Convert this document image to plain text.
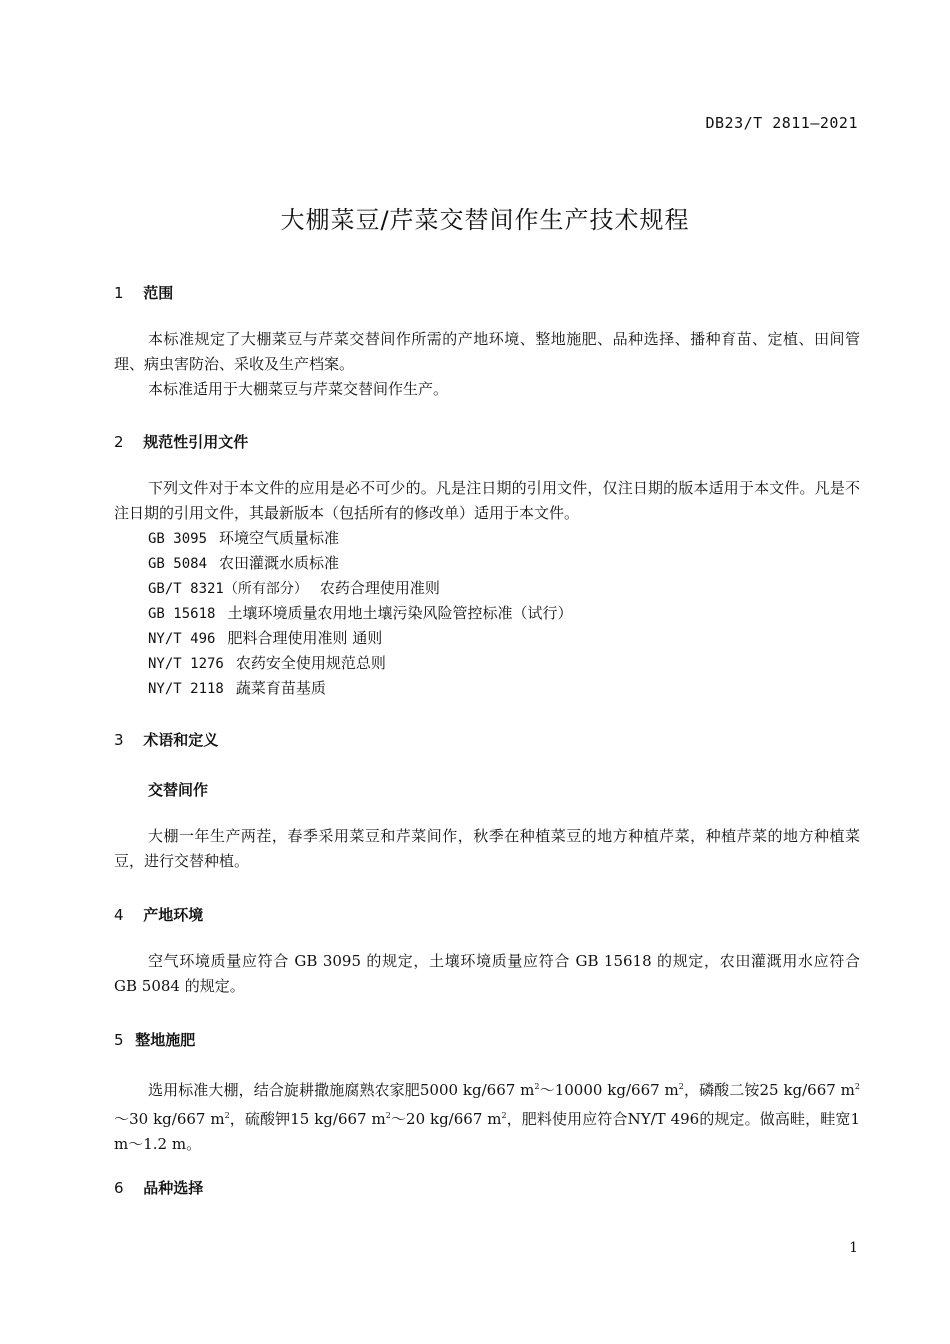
DB23/T 2811—2021
大棚菜豆/芹菜交替间作生产技术规程
1 范围
本标准规定了大棚菜豆与芹菜交替间作所需的产地环境、整地施肥、品种选择、播种育苗、定植、田间管理、病虫害防治、采收及生产档案。
本标准适用于大棚菜豆与芹菜交替间作生产。
2 规范性引用文件
下列文件对于本文件的应用是必不可少的。凡是注日期的引用文件，仅注日期的版本适用于本文件。凡是不注日期的引用文件，其最新版本（包括所有的修改单）适用于本文件。
GB 3095 环境空气质量标准
GB 5084 农田灌溉水质标准
GB/T 8321（所有部分） 农药合理使用准则
GB 15618 土壤环境质量农用地土壤污染风险管控标准（试行）
NY/T 496 肥料合理使用准则 通则
NY/T 1276 农药安全使用规范总则
NY/T 2118 蔬菜育苗基质
3 术语和定义
交替间作
大棚一年生产两茬，春季采用菜豆和芹菜间作，秋季在种植菜豆的地方种植芹菜，种植芹菜的地方种植菜豆，进行交替种植。
4 产地环境
空气环境质量应符合 GB 3095 的规定，土壤环境质量应符合 GB 15618 的规定，农田灌溉用水应符合 GB 5084 的规定。
5 整地施肥
选用标准大棚，结合旋耕撒施腐熟农家肥5000 kg/667 $m^2\sim 10000$ kg/667 $m^2$，磷酸二铵25 kg/667 $m^2\sim 30$ kg/667 $m^2$，硫酸钾15 kg/667 $m^2\sim 20$ kg/667 $m^2$，肥料使用应符合NY/T 496的规定。做高畦，畦宽1 m～1.2 m。
6 品种选择
1
